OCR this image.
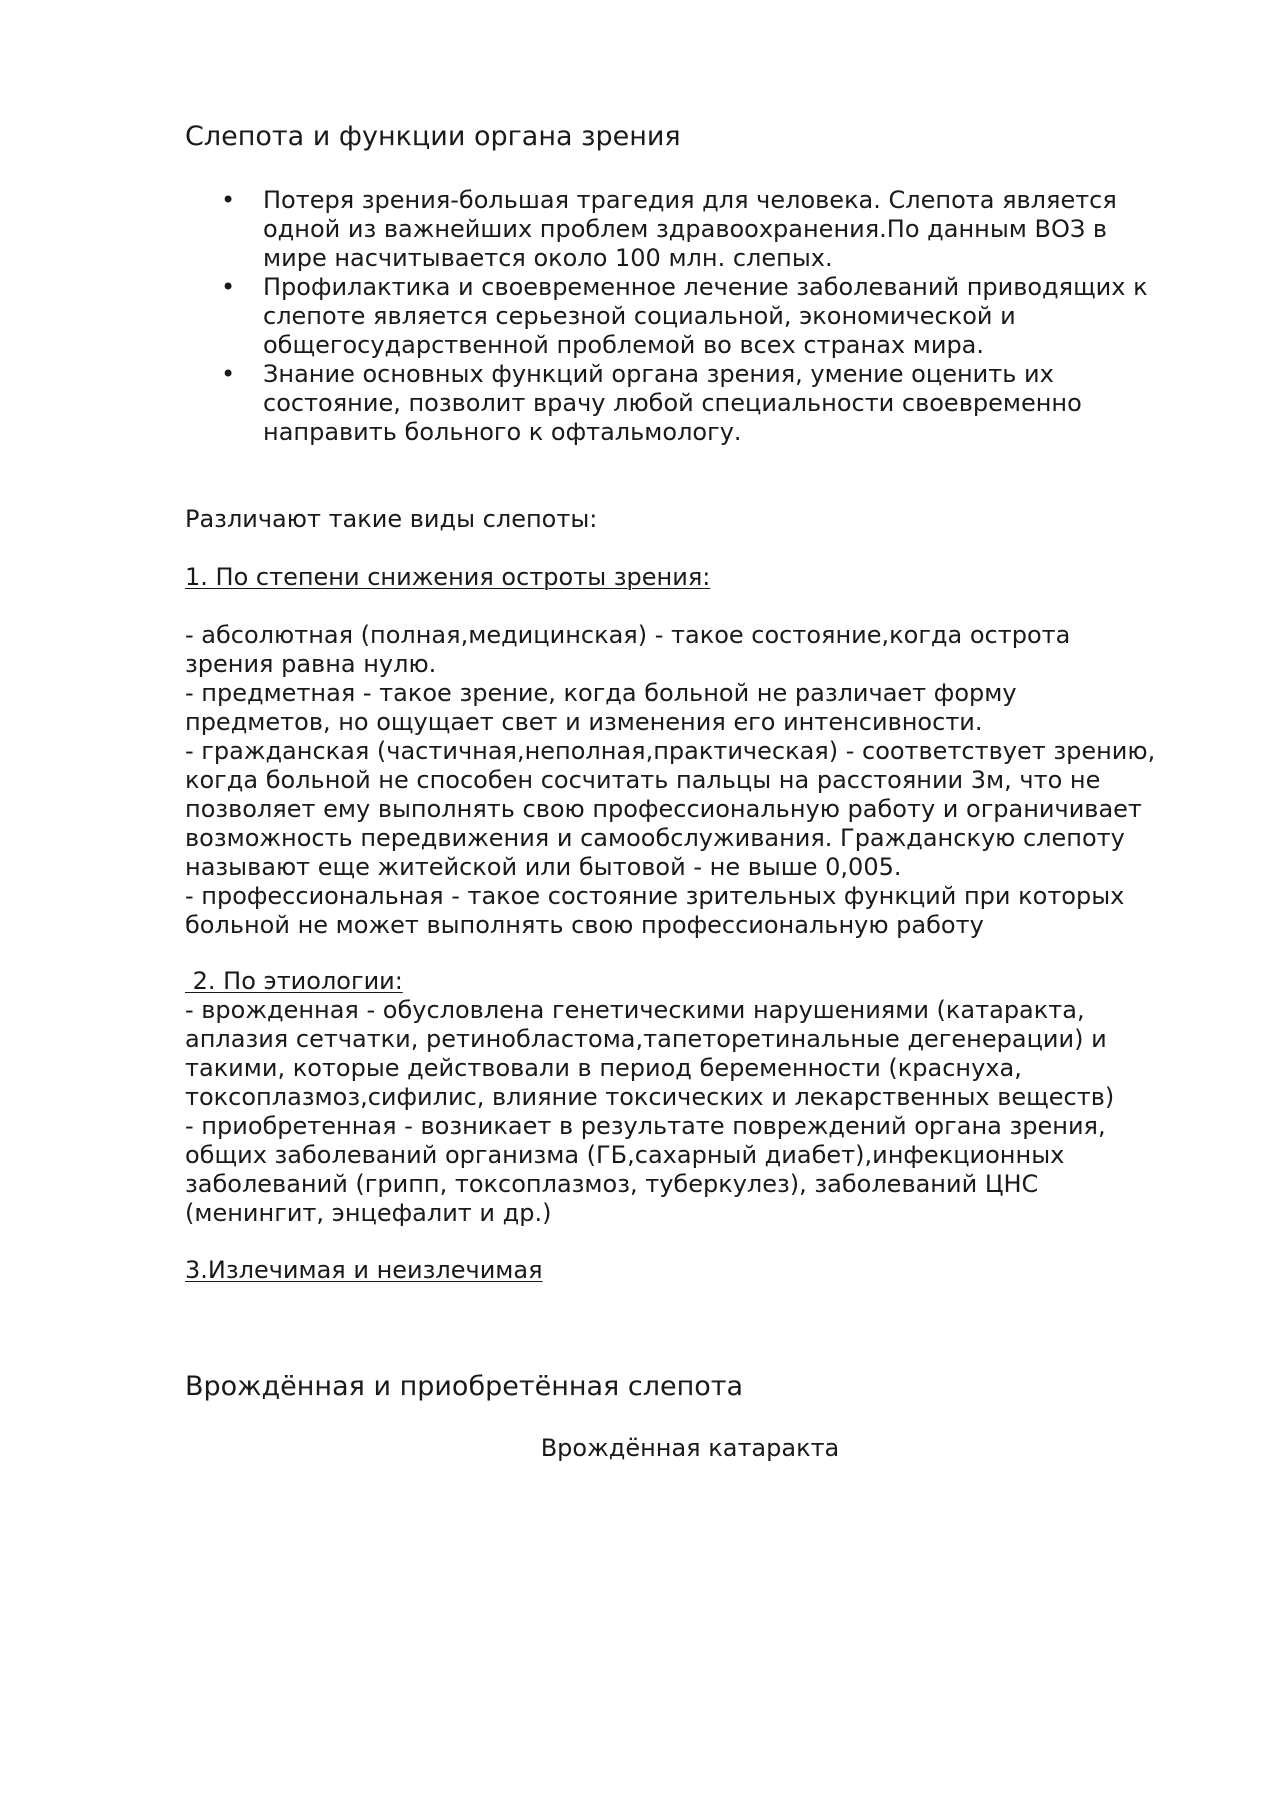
Слепота и функции органа зрения
• Потеря зрения-большая трагедия для человека. Слепота является
одной из важнейших проблем здравоохранения.По данным ВОЗ в
мире насчитывается около 100 млн. слепых.
• Профилактика и своевременное лечение заболеваний приводящих к
слепоте является серьезной социальной, экономической и
общегосударственной проблемой во всех странах мира.
• Знание основных функций органа зрения, умение оценить их
состояние, позволит врачу любой специальности своевременно
направить больного к офтальмологу.

Различают такие виды слепоты:

1. По степени снижения остроты зрения:

- абсолютная (полная,медицинская) - такое состояние,когда острота
зрения равна нулю.
- предметная - такое зрение, когда больной не различает форму
предметов, но ощущает свет и изменения его интенсивности.
- гражданская (частичная,неполная,практическая) - соответствует зрению,
когда больной не способен сосчитать пальцы на расстоянии 3м, что не
позволяет ему выполнять свою профессиональную работу и ограничивает
возможность передвижения и самообслуживания. Гражданскую слепоту
называют еще житейской или бытовой - не выше 0,005.
- профессиональная - такое состояние зрительных функций при которых
больной не может выполнять свою профессиональную работу

2. По этиологии:
- врожденная - обусловлена генетическими нарушениями (катаракта,
аплазия сетчатки, ретинобластома,тапеторетинальные дегенерации) и
такими, которые действовали в период беременности (краснуха,
токсоплазмоз,сифилис, влияние токсических и лекарственных веществ)
- приобретенная - возникает в результате повреждений органа зрения,
общих заболеваний организма (ГБ,сахарный диабет),инфекционных
заболеваний (грипп, токсоплазмоз, туберкулез), заболеваний ЦНС
(менингит, энцефалит и др.)

3.Излечимая и неизлечимая

Врождённая и приобретённая слепота

Врождённая катаракта
